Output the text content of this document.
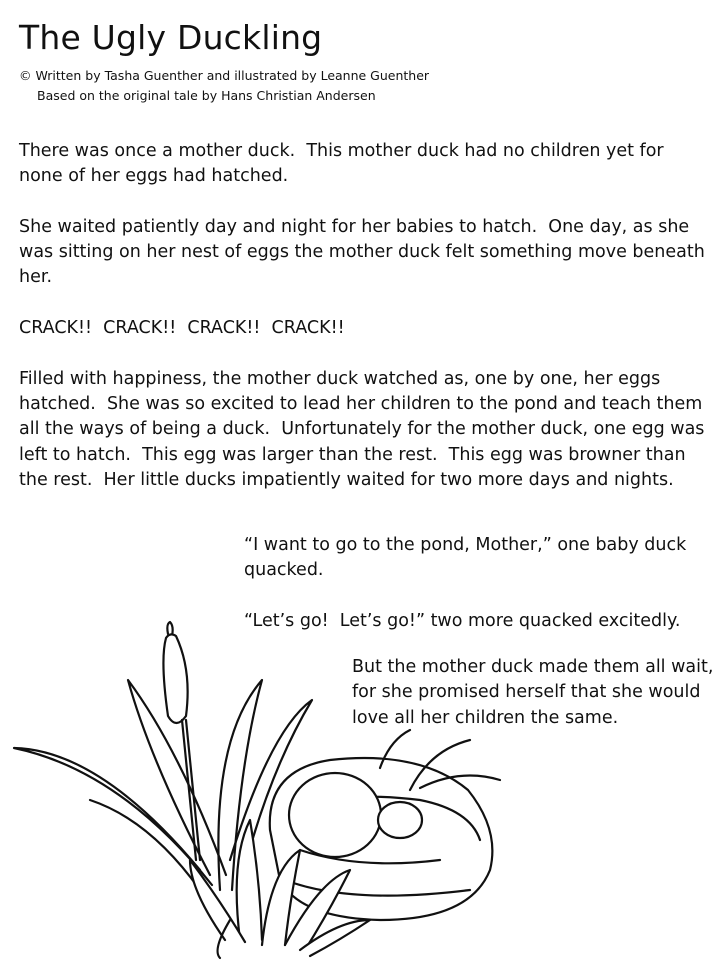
The Ugly Duckling
© Written by Tasha Guenther and illustrated by Leanne Guenther
Based on the original tale by Hans Christian Andersen

There was once a mother duck.  This mother duck had no children yet for none of her eggs had hatched.

She waited patiently day and night for her babies to hatch.  One day, as she was sitting on her nest of eggs the mother duck felt something move beneath her.

CRACK!!  CRACK!!  CRACK!!  CRACK!!

Filled with happiness, the mother duck watched as, one by one, her eggs hatched.  She was so excited to lead her children to the pond and teach them all the ways of being a duck.  Unfortunately for the mother duck, one egg was left to hatch.  This egg was larger than the rest.  This egg was browner than the rest.  Her little ducks impatiently waited for two more days and nights.

“I want to go to the pond, Mother,” one baby duck quacked.

“Let’s go!  Let’s go!” two more quacked excitedly.

But the mother duck made them all wait, for she promised herself that she would love all her children the same.
